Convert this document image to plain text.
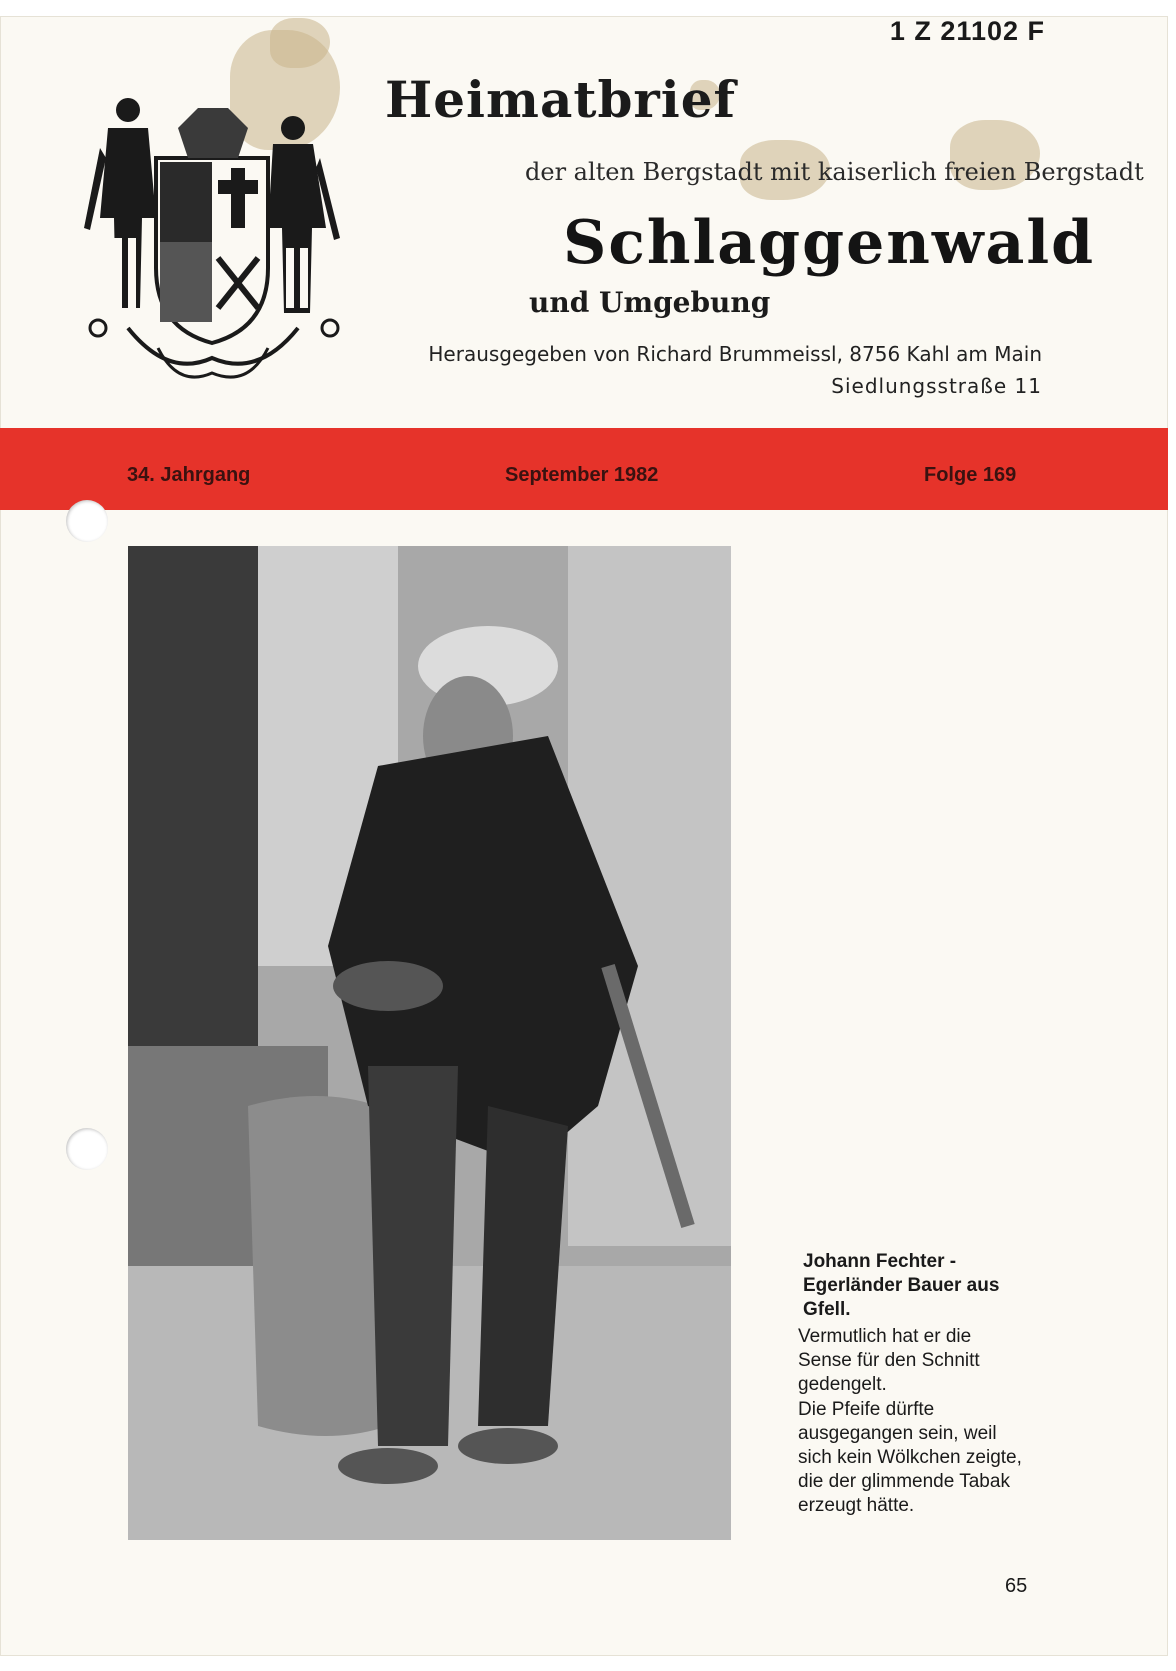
1 Z 21102 F
Heimatbrief
der alten Bergstadt mit kaiserlich freien Bergstadt
Schlaggenwald
und Umgebung
Herausgegeben von Richard Brummeissl, 8756 Kahl am Main
Siedlungsstraße 11
34. Jahrgang	September 1982	Folge 169
Johann Fechter - Egerländer Bauer aus Gfell.

Vermutlich hat er die Sense für den Schnitt gedengelt.

Die Pfeife dürfte ausgegangen sein, weil sich kein Wölkchen zeigte, die der glimmende Tabak erzeugt hätte.

65
